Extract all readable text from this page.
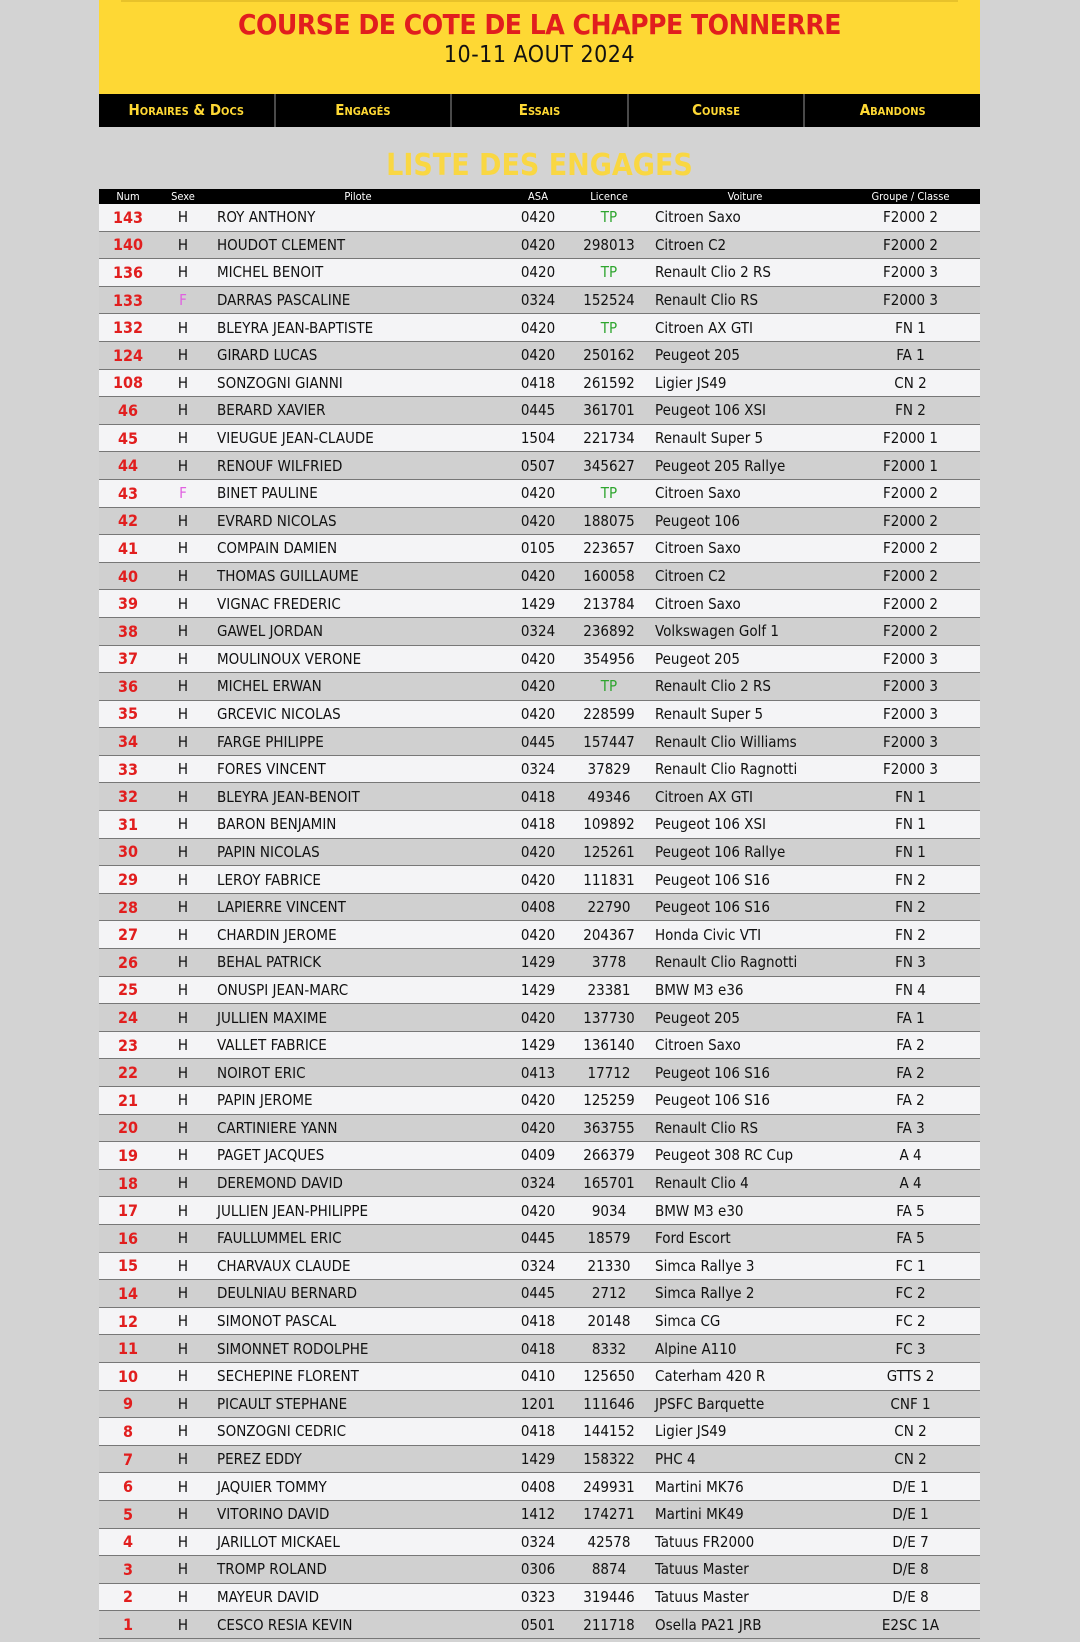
COURSE DE COTE DE LA CHAPPE TONNERRE
10-11 AOUT 2024
Horaires & Docs	Engagés	Essais	Course	Abandons
LISTE DES ENGAGES
Num	Sexe	Pilote	ASA	Licence	Voiture	Groupe / Classe
143	H	ROY ANTHONY	0420	TP	Citroen Saxo	F2000 2
140	H	HOUDOT CLEMENT	0420	298013	Citroen C2	F2000 2
136	H	MICHEL BENOIT	0420	TP	Renault Clio 2 RS	F2000 3
133	F	DARRAS PASCALINE	0324	152524	Renault Clio RS	F2000 3
132	H	BLEYRA JEAN-BAPTISTE	0420	TP	Citroen AX GTI	FN 1
124	H	GIRARD LUCAS	0420	250162	Peugeot 205	FA 1
108	H	SONZOGNI GIANNI	0418	261592	Ligier JS49	CN 2
46	H	BERARD XAVIER	0445	361701	Peugeot 106 XSI	FN 2
45	H	VIEUGUE JEAN-CLAUDE	1504	221734	Renault Super 5	F2000 1
44	H	RENOUF WILFRIED	0507	345627	Peugeot 205 Rallye	F2000 1
43	F	BINET PAULINE	0420	TP	Citroen Saxo	F2000 2
42	H	EVRARD NICOLAS	0420	188075	Peugeot 106	F2000 2
41	H	COMPAIN DAMIEN	0105	223657	Citroen Saxo	F2000 2
40	H	THOMAS GUILLAUME	0420	160058	Citroen C2	F2000 2
39	H	VIGNAC FREDERIC	1429	213784	Citroen Saxo	F2000 2
38	H	GAWEL JORDAN	0324	236892	Volkswagen Golf 1	F2000 2
37	H	MOULINOUX VERONE	0420	354956	Peugeot 205	F2000 3
36	H	MICHEL ERWAN	0420	TP	Renault Clio 2 RS	F2000 3
35	H	GRCEVIC NICOLAS	0420	228599	Renault Super 5	F2000 3
34	H	FARGE PHILIPPE	0445	157447	Renault Clio Williams	F2000 3
33	H	FORES VINCENT	0324	37829	Renault Clio Ragnotti	F2000 3
32	H	BLEYRA JEAN-BENOIT	0418	49346	Citroen AX GTI	FN 1
31	H	BARON BENJAMIN	0418	109892	Peugeot 106 XSI	FN 1
30	H	PAPIN NICOLAS	0420	125261	Peugeot 106 Rallye	FN 1
29	H	LEROY FABRICE	0420	111831	Peugeot 106 S16	FN 2
28	H	LAPIERRE VINCENT	0408	22790	Peugeot 106 S16	FN 2
27	H	CHARDIN JEROME	0420	204367	Honda Civic VTI	FN 2
26	H	BEHAL PATRICK	1429	3778	Renault Clio Ragnotti	FN 3
25	H	ONUSPI JEAN-MARC	1429	23381	BMW M3 e36	FN 4
24	H	JULLIEN MAXIME	0420	137730	Peugeot 205	FA 1
23	H	VALLET FABRICE	1429	136140	Citroen Saxo	FA 2
22	H	NOIROT ERIC	0413	17712	Peugeot 106 S16	FA 2
21	H	PAPIN JEROME	0420	125259	Peugeot 106 S16	FA 2
20	H	CARTINIERE YANN	0420	363755	Renault Clio RS	FA 3
19	H	PAGET JACQUES	0409	266379	Peugeot 308 RC Cup	A 4
18	H	DEREMOND DAVID	0324	165701	Renault Clio 4	A 4
17	H	JULLIEN JEAN-PHILIPPE	0420	9034	BMW M3 e30	FA 5
16	H	FAULLUMMEL ERIC	0445	18579	Ford Escort	FA 5
15	H	CHARVAUX CLAUDE	0324	21330	Simca Rallye 3	FC 1
14	H	DEULNIAU BERNARD	0445	2712	Simca Rallye 2	FC 2
12	H	SIMONOT PASCAL	0418	20148	Simca CG	FC 2
11	H	SIMONNET RODOLPHE	0418	8332	Alpine A110	FC 3
10	H	SECHEPINE FLORENT	0410	125650	Caterham 420 R	GTTS 2
9	H	PICAULT STEPHANE	1201	111646	JPSFC Barquette	CNF 1
8	H	SONZOGNI CEDRIC	0418	144152	Ligier JS49	CN 2
7	H	PEREZ EDDY	1429	158322	PHC 4	CN 2
6	H	JAQUIER TOMMY	0408	249931	Martini MK76	D/E 1
5	H	VITORINO DAVID	1412	174271	Martini MK49	D/E 1
4	H	JARILLOT MICKAEL	0324	42578	Tatuus FR2000	D/E 7
3	H	TROMP ROLAND	0306	8874	Tatuus Master	D/E 8
2	H	MAYEUR DAVID	0323	319446	Tatuus Master	D/E 8
1	H	CESCO RESIA KEVIN	0501	211718	Osella PA21 JRB	E2SC 1A
